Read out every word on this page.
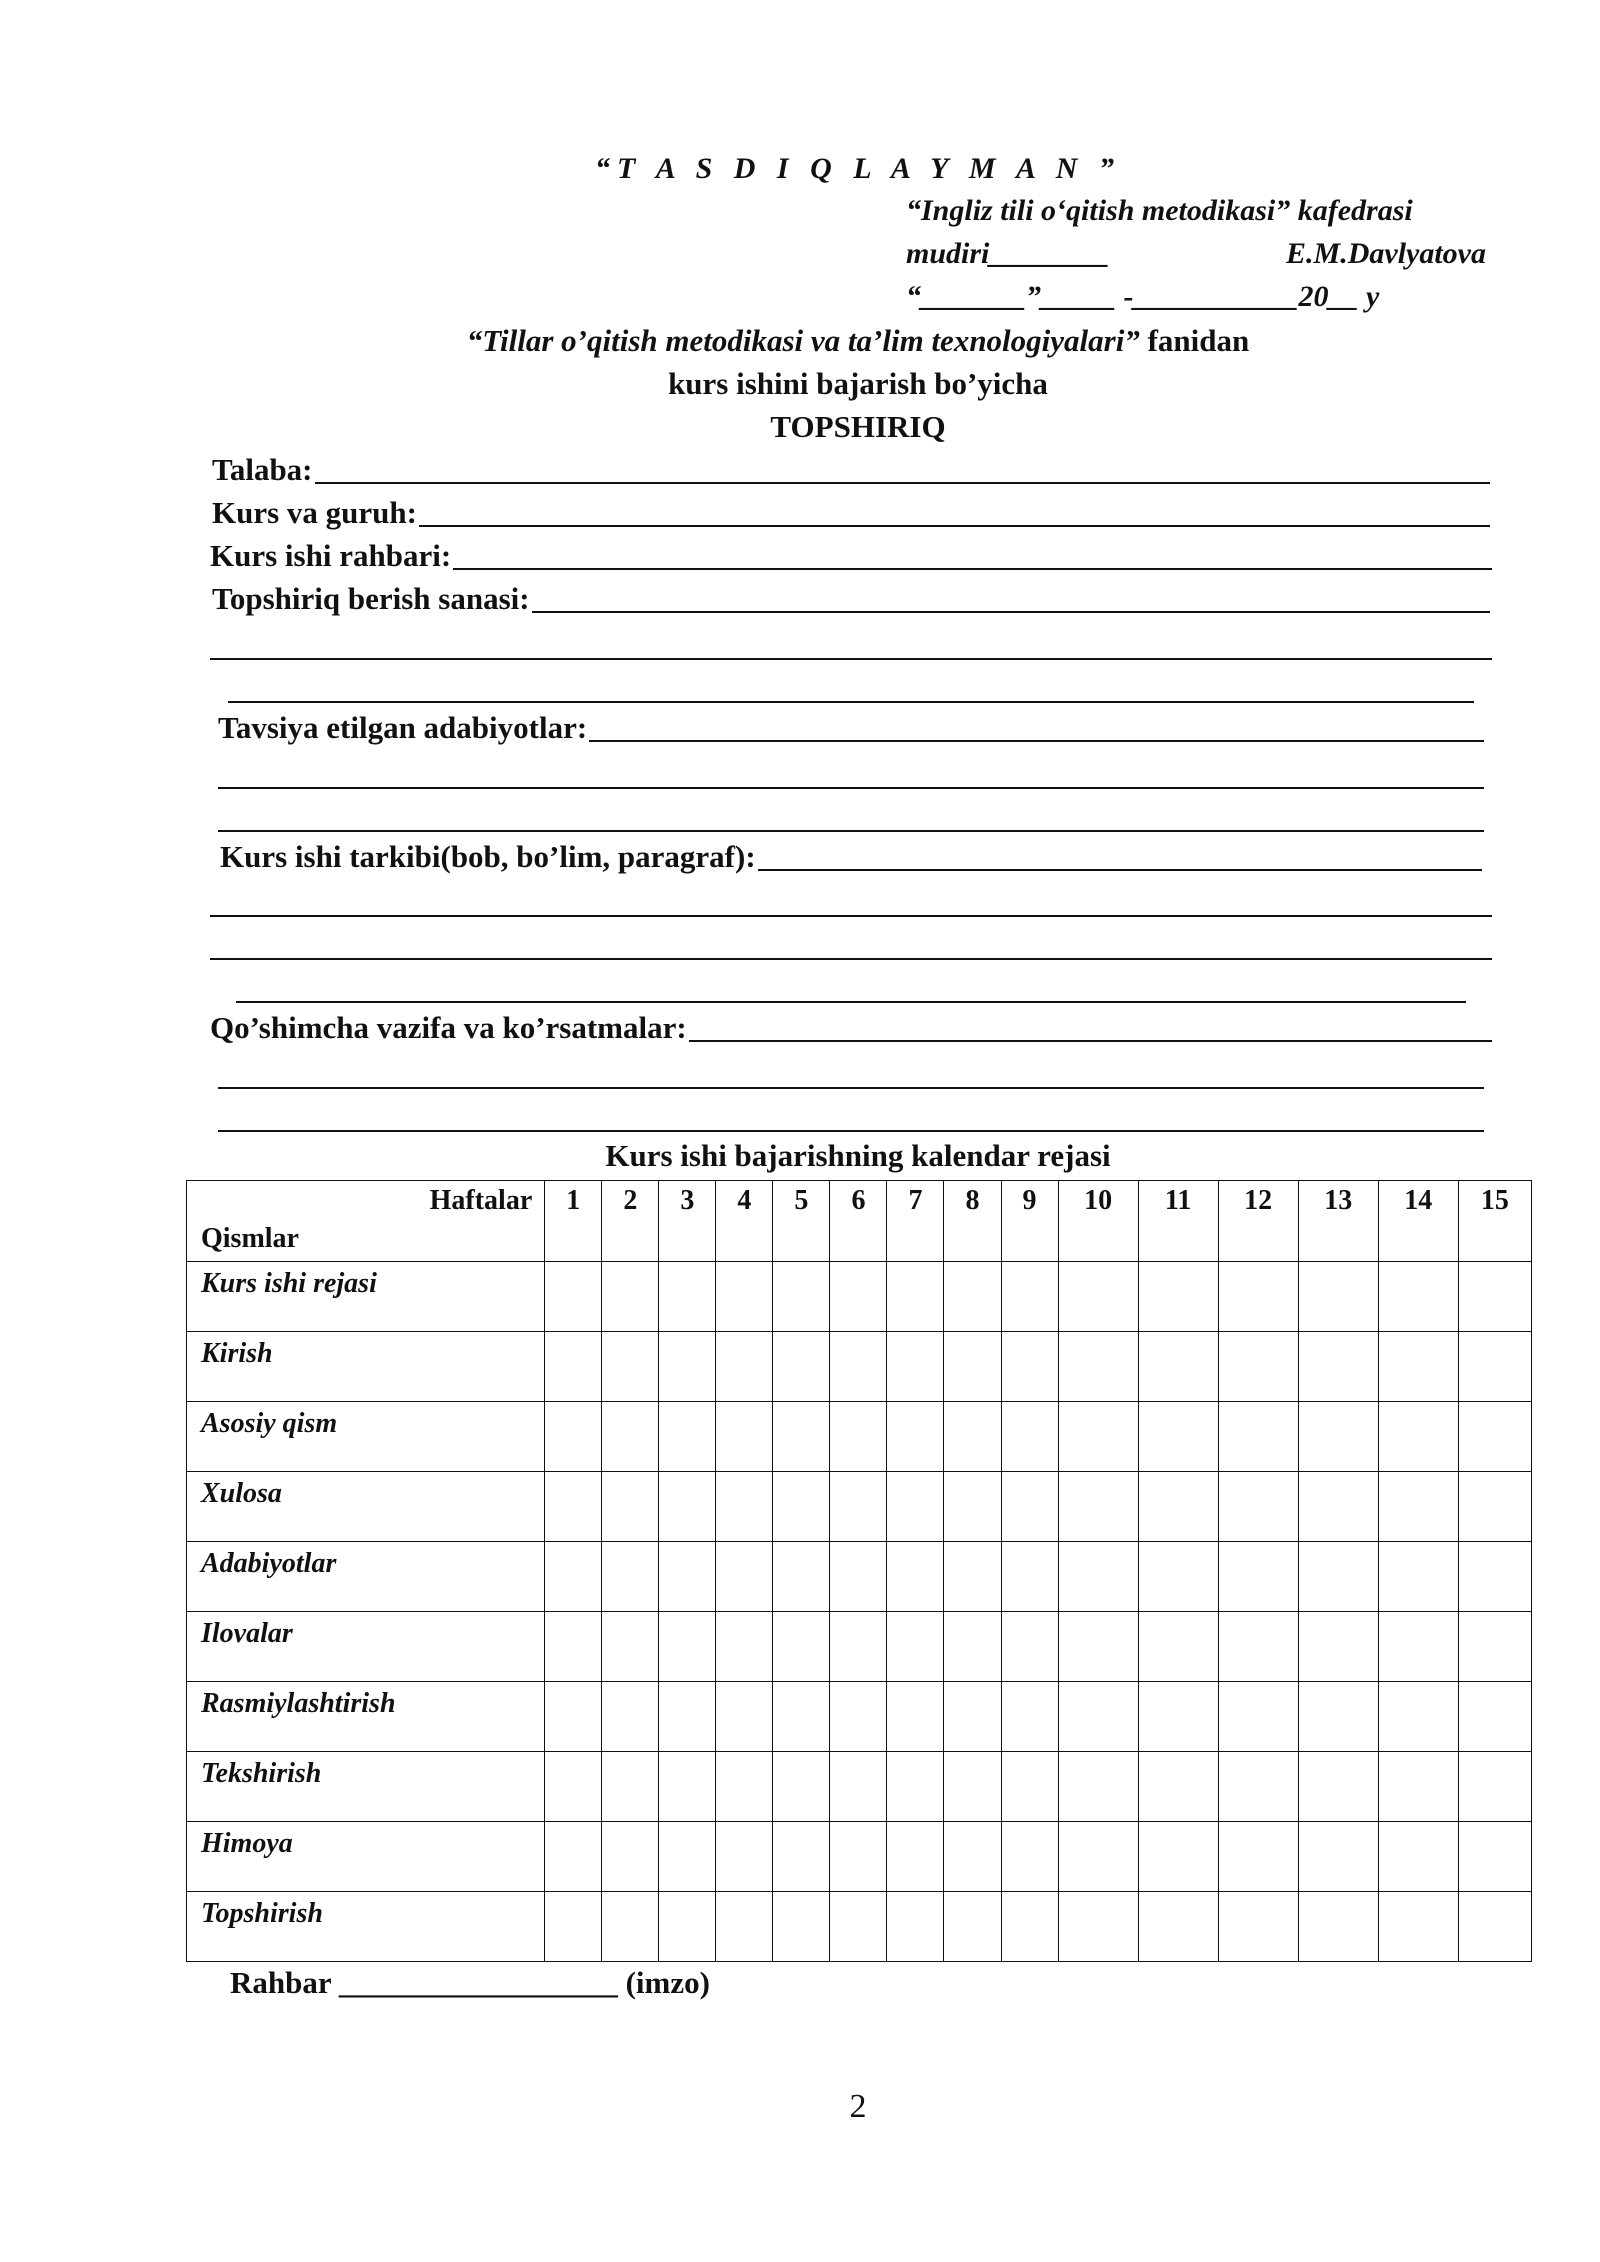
“T A S D I Q L A Y M A N ”
“Ingliz tili o‘qitish metodikasi” kafedrasi
mudiri________	E.M.Davlyatova
“_______”_____ -___________20__ y
“Tillar o’qitish metodikasi va ta’lim texnologiyalari” fanidan
kurs ishini bajarish bo’yicha
TOPSHIRIQ
Talaba:
Kurs va guruh:
Kurs ishi rahbari:
Topshiriq berish sanasi:
Tavsiya etilgan adabiyotlar:
Kurs ishi tarkibi(bob, bo’lim, paragraf):
Qo’shimcha vazifa va ko’rsatmalar:
Kurs ishi bajarishning kalendar rejasi
Haftalar
Qismlar	1	2	3	4	5	6	7	8	9	10	11	12	13	14	15
Kurs ishi rejasi															
Kirish															
Asosiy qism															
Xulosa															
Adabiyotlar															
Ilovalar															
Rasmiylashtirish															
Tekshirish															
Himoya															
Topshirish															
Rahbar __________________ (imzo)
2
